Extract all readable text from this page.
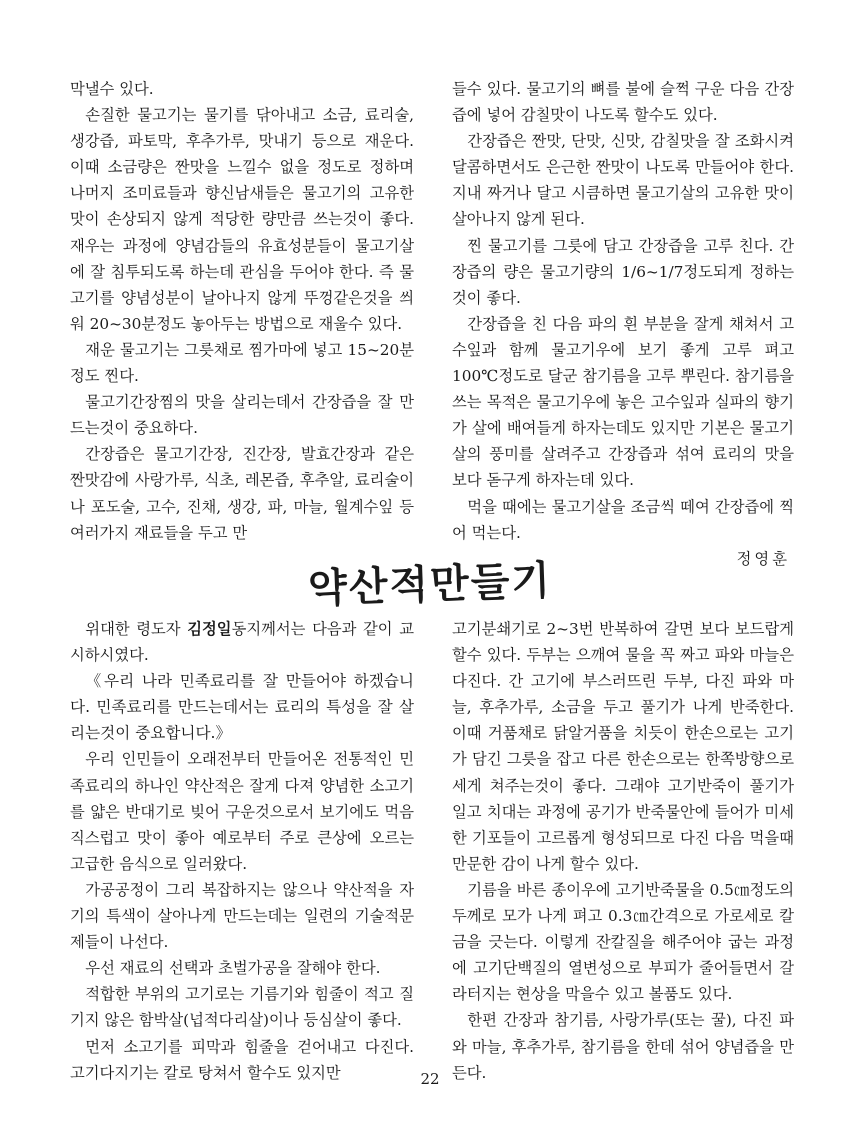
막낼수 있다.

손질한 물고기는 물기를 닦아내고 소금, 료리술, 생강즙, 파토막, 후추가루, 맛내기 등으로 재운다. 이때 소금량은 짠맛을 느낄수 없을 정도로 정하며 나머지 조미료들과 향신남새들은 물고기의 고유한 맛이 손상되지 않게 적당한 량만큼 쓰는것이 좋다. 재우는 과정에 양념감들의 유효성분들이 물고기살에 잘 침투되도록 하는데 관심을 두어야 한다. 즉 물고기를 양념성분이 날아나지 않게 뚜껑같은것을 씌워 20~30분정도 놓아두는 방법으로 재울수 있다.

재운 물고기는 그릇채로 찜가마에 넣고 15~20분정도 찐다.

물고기간장찜의 맛을 살리는데서 간장즙을 잘 만드는것이 중요하다.

간장즙은 물고기간장, 진간장, 발효간장과 같은 짠맛감에 사랑가루, 식초, 레몬즙, 후추알, 료리술이나 포도술, 고수, 진채, 생강, 파, 마늘, 월계수잎 등 여러가지 재료들을 두고 만

들수 있다. 물고기의 뼈를 불에 슬쩍 구운 다음 간장즙에 넣어 감칠맛이 나도록 할수도 있다.

간장즙은 짠맛, 단맛, 신맛, 감칠맛을 잘 조화시켜 달콤하면서도 은근한 짠맛이 나도록 만들어야 한다. 지내 짜거나 달고 시큼하면 물고기살의 고유한 맛이 살아나지 않게 된다.

찐 물고기를 그릇에 담고 간장즙을 고루 친다. 간장즙의 량은 물고기량의 1/6~1/7정도되게 정하는것이 좋다.

간장즙을 친 다음 파의 흰 부분을 잘게 채쳐서 고수잎과 함께 물고기우에 보기 좋게 고루 펴고 100℃정도로 달군 참기름을 고루 뿌린다. 참기름을 쓰는 목적은 물고기우에 놓은 고수잎과 실파의 향기가 살에 배여들게 하자는데도 있지만 기본은 물고기살의 풍미를 살려주고 간장즙과 섞여 료리의 맛을 보다 돋구게 하자는데 있다.

먹을 때에는 물고기살을 조금씩 떼여 간장즙에 찍어 먹는다.

정영훈

약산적만들기

위대한 령도자 김정일동지께서는 다음과 같이 교시하시였다.

《우리 나라 민족료리를 잘 만들어야 하겠습니다. 민족료리를 만드는데서는 료리의 특성을 잘 살리는것이 중요합니다.》

우리 인민들이 오래전부터 만들어온 전통적인 민족료리의 하나인 약산적은 잘게 다져 양념한 소고기를 얇은 반대기로 빚어 구운것으로서 보기에도 먹음직스럽고 맛이 좋아 예로부터 주로 큰상에 오르는 고급한 음식으로 일러왔다.

가공공정이 그리 복잡하지는 않으나 약산적을 자기의 특색이 살아나게 만드는데는 일련의 기술적문제들이 나선다.

우선 재료의 선택과 초벌가공을 잘해야 한다.

적합한 부위의 고기로는 기름기와 힘줄이 적고 질기지 않은 함박살(넙적다리살)이나 등심살이 좋다.

먼저 소고기를 피막과 힘줄을 걷어내고 다진다. 고기다지기는 칼로 탕쳐서 할수도 있지만

고기분쇄기로 2~3번 반복하여 갈면 보다 보드랍게 할수 있다. 두부는 으깨여 물을 꼭 짜고 파와 마늘은 다진다. 간 고기에 부스러뜨린 두부, 다진 파와 마늘, 후추가루, 소금을 두고 풀기가 나게 반죽한다. 이때 거품채로 닭알거품을 치듯이 한손으로는 고기가 담긴 그릇을 잡고 다른 한손으로는 한쪽방향으로 세게 쳐주는것이 좋다. 그래야 고기반죽이 풀기가 일고 치대는 과정에 공기가 반죽물안에 들어가 미세한 기포들이 고르롭게 형성되므로 다진 다음 먹을때 만문한 감이 나게 할수 있다.

기름을 바른 종이우에 고기반죽물을 0.5㎝정도의 두께로 모가 나게 펴고 0.3㎝간격으로 가로세로 칼금을 긋는다. 이렇게 잔칼질을 해주어야 굽는 과정에 고기단백질의 열변성으로 부피가 줄어들면서 갈라터지는 현상을 막을수 있고 볼품도 있다.

한편 간장과 참기름, 사랑가루(또는 꿀), 다진 파와 마늘, 후추가루, 참기름을 한데 섞어 양념즙을 만든다.

22
